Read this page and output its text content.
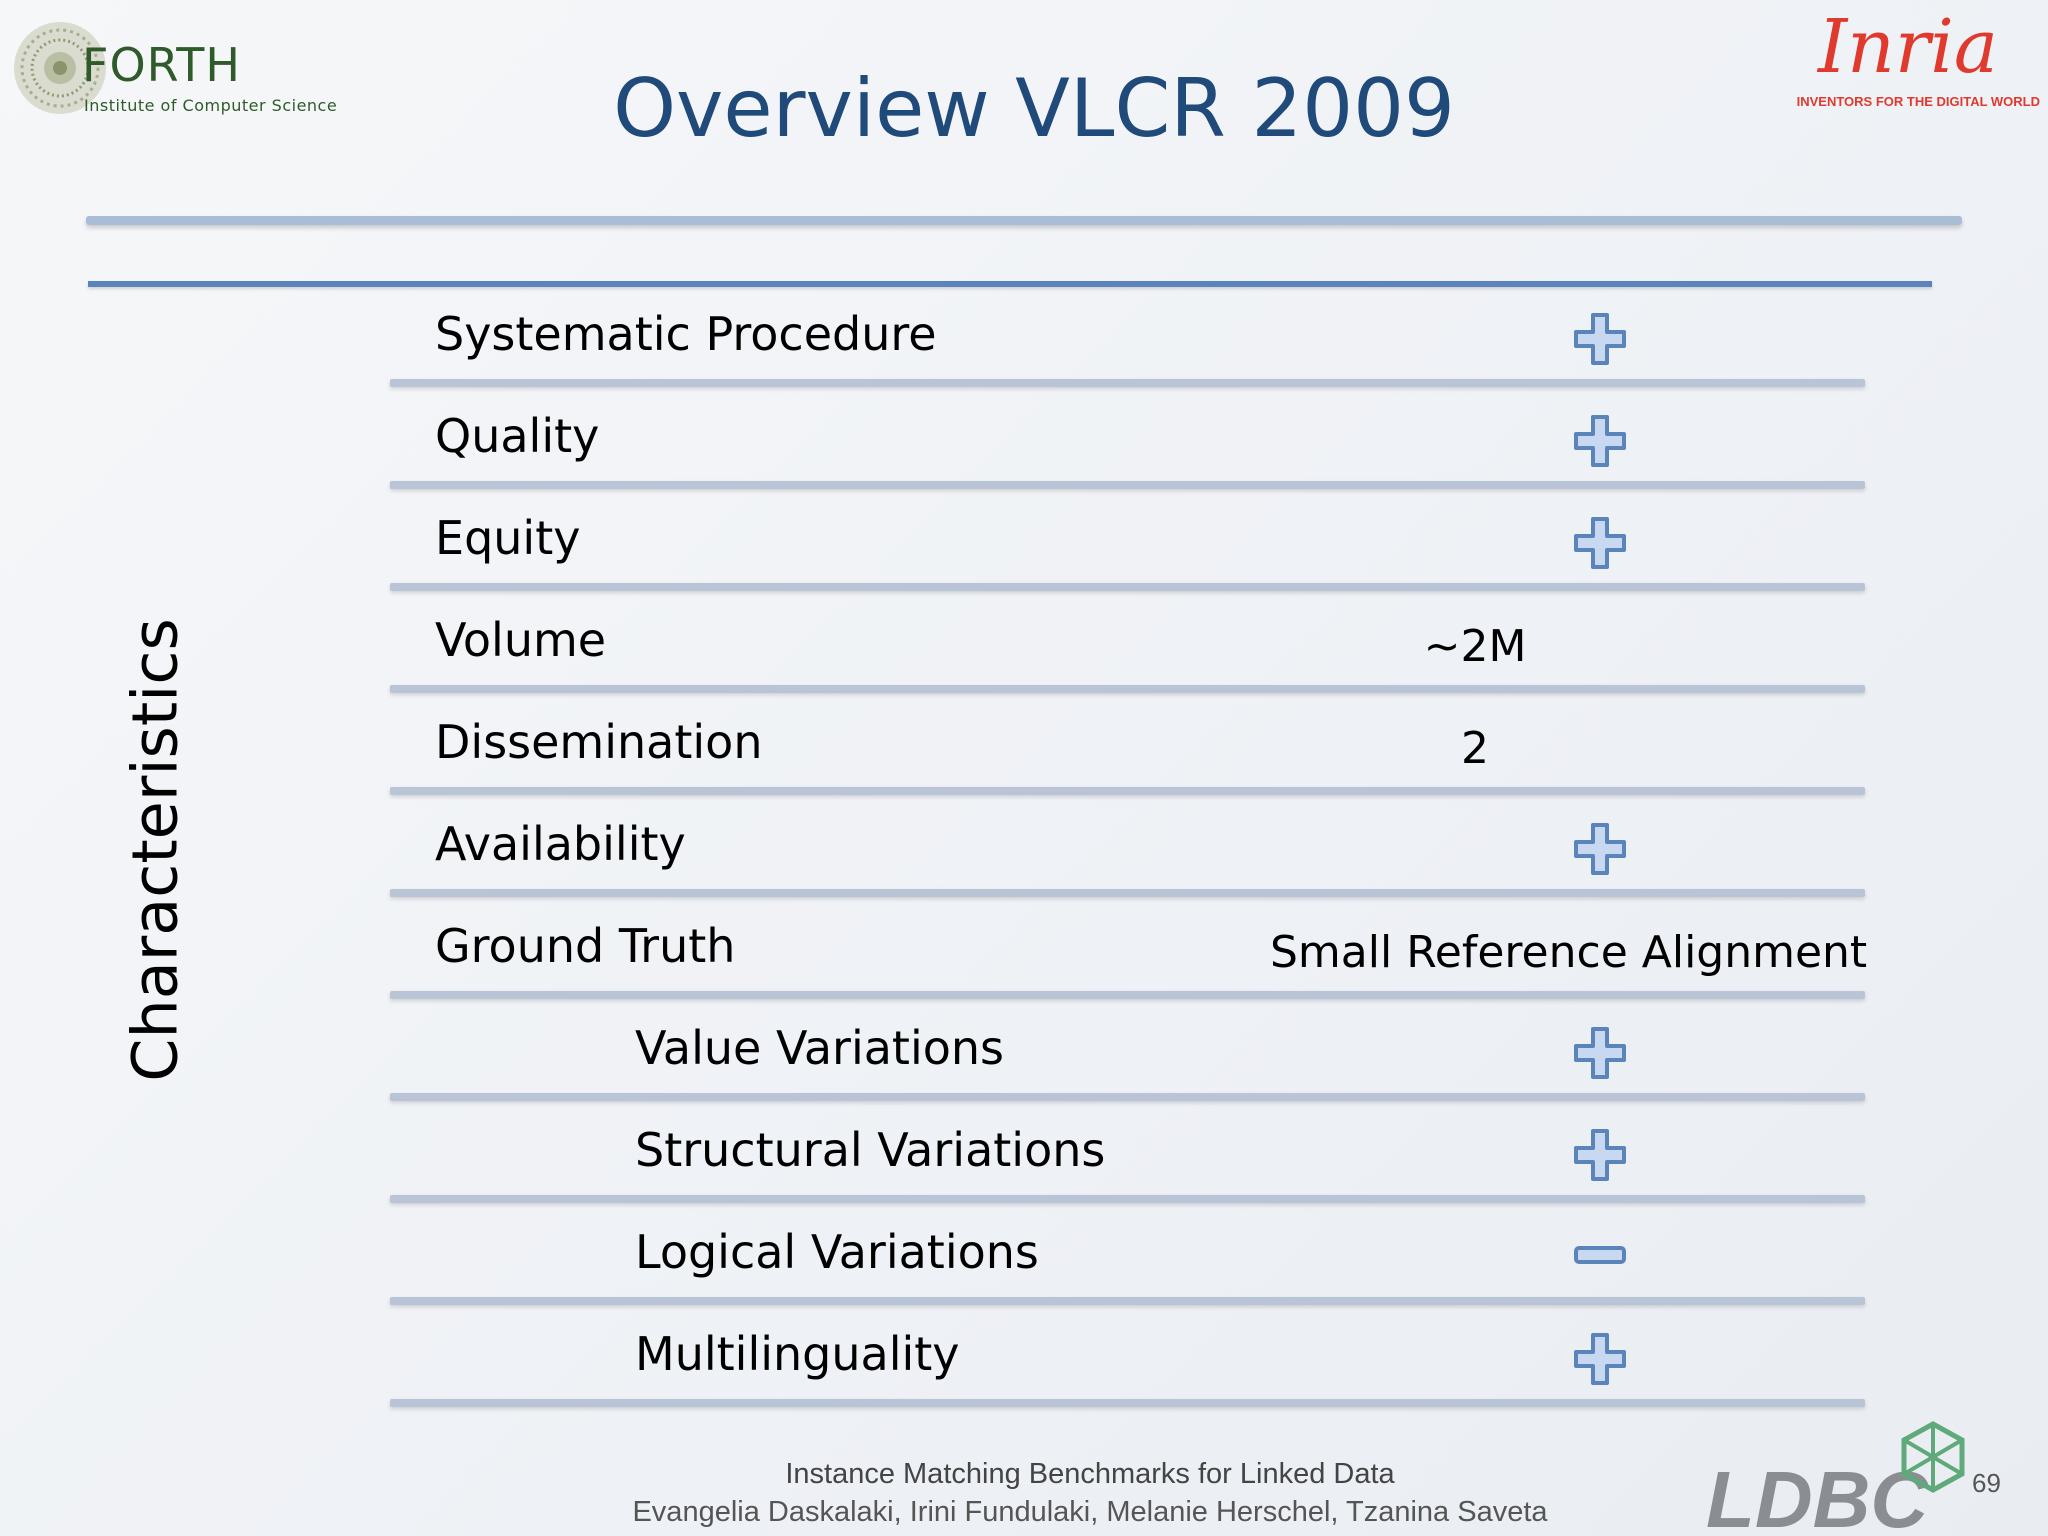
FORTH
Institute of Computer Science
Inria
INVENTORS FOR THE DIGITAL WORLD
Overview VLCR 2009
Characteristics
Systematic Procedure
Quality
Equity
Volume	~2M
Dissemination	2
Availability
Ground Truth	Small Reference Alignment
Value Variations
Structural Variations
Logical Variations
Multilinguality
Instance Matching Benchmarks for Linked Data
Evangelia Daskalaki, Irini Fundulaki, Melanie Herschel, Tzanina Saveta	LDBC 69
